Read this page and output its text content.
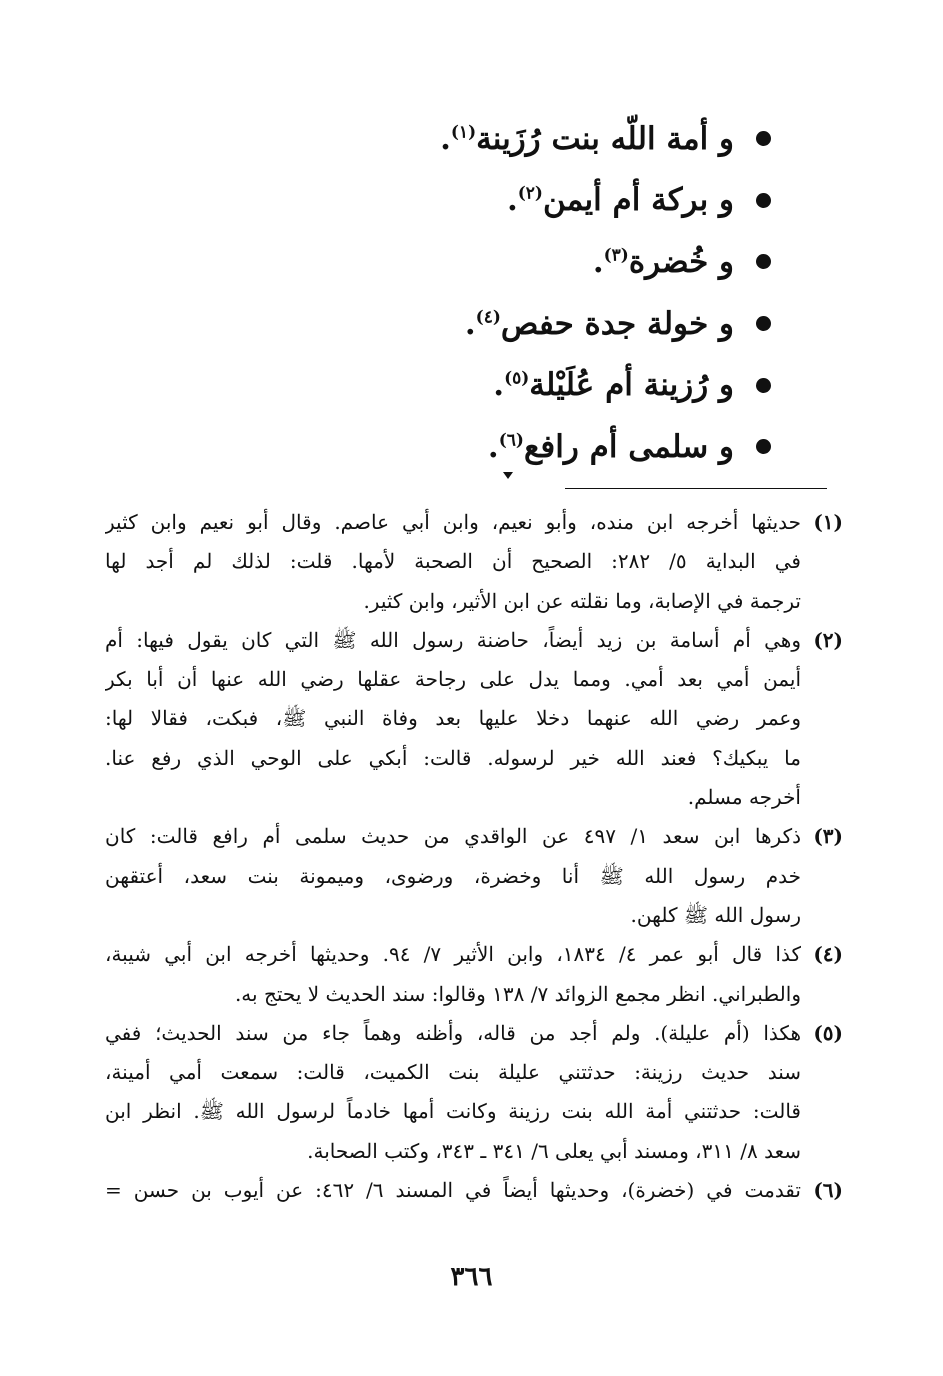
و أمة اللّه بنت رُزَينة$^{(١)}$.
و بركة أم أيمن$^{(٢)}$.
و خُضرة$^{(٣)}$.
و خولة جدة حفص$^{(٤)}$.
و رُزينة أم عُلَيْلة$^{(٥)}$.
و سلمى أم رافع$^{(٦)}$.
(١)
حديثها أخرجه ابن منده، وأبو نعيم، وابن أبي عاصم. وقال أبو نعيم وابن كثير
في البداية ٥/ ٢٨٢: الصحيح أن الصحبة لأمها. قلت: لذلك لم أجد لها
ترجمة في الإصابة، وما نقلته عن ابن الأثير، وابن كثير.
(٢)
وهي أم أسامة بن زيد أيضاً، حاضنة رسول الله ﷺ التي كان يقول فيها: أم
أيمن أمي بعد أمي. ومما يدل على رجاحة عقلها رضي الله عنها أن أبا بكر
وعمر رضي الله عنهما دخلا عليها بعد وفاة النبي ﷺ، فبكت، فقالا لها:
ما يبكيك؟ فعند الله خير لرسوله. قالت: أبكي على الوحي الذي رفع عنا.
أخرجه مسلم.
(٣)
ذكرها ابن سعد ١/ ٤٩٧ عن الواقدي من حديث سلمى أم رافع قالت: كان
خدم رسول الله ﷺ أنا وخضرة، ورضوى، وميمونة بنت سعد، أعتقهن
رسول الله ﷺ كلهن.
(٤)
كذا قال أبو عمر ٤/ ١٨٣٤، وابن الأثير ٧/ ٩٤. وحديثها أخرجه ابن أبي شيبة،
والطبراني. انظر مجمع الزوائد ٧/ ١٣٨ وقالوا: سند الحديث لا يحتج به.
(٥)
هكذا (أم عليلة). ولم أجد من قاله، وأظنه وهماً جاء من سند الحديث؛ ففي
سند حديث رزينة: حدثتني عليلة بنت الكميت، قالت: سمعت أمي أمينة،
قالت: حدثتني أمة الله بنت رزينة وكانت أمها خادماً لرسول الله ﷺ. انظر ابن
سعد ٨/ ٣١١، ومسند أبي يعلى ٦/ ٣٤١ ـ ٣٤٣، وكتب الصحابة.
(٦)
تقدمت في (خضرة)، وحديثها أيضاً في المسند ٦/ ٤٦٢: عن أيوب بن حسن =
٣٦٦
